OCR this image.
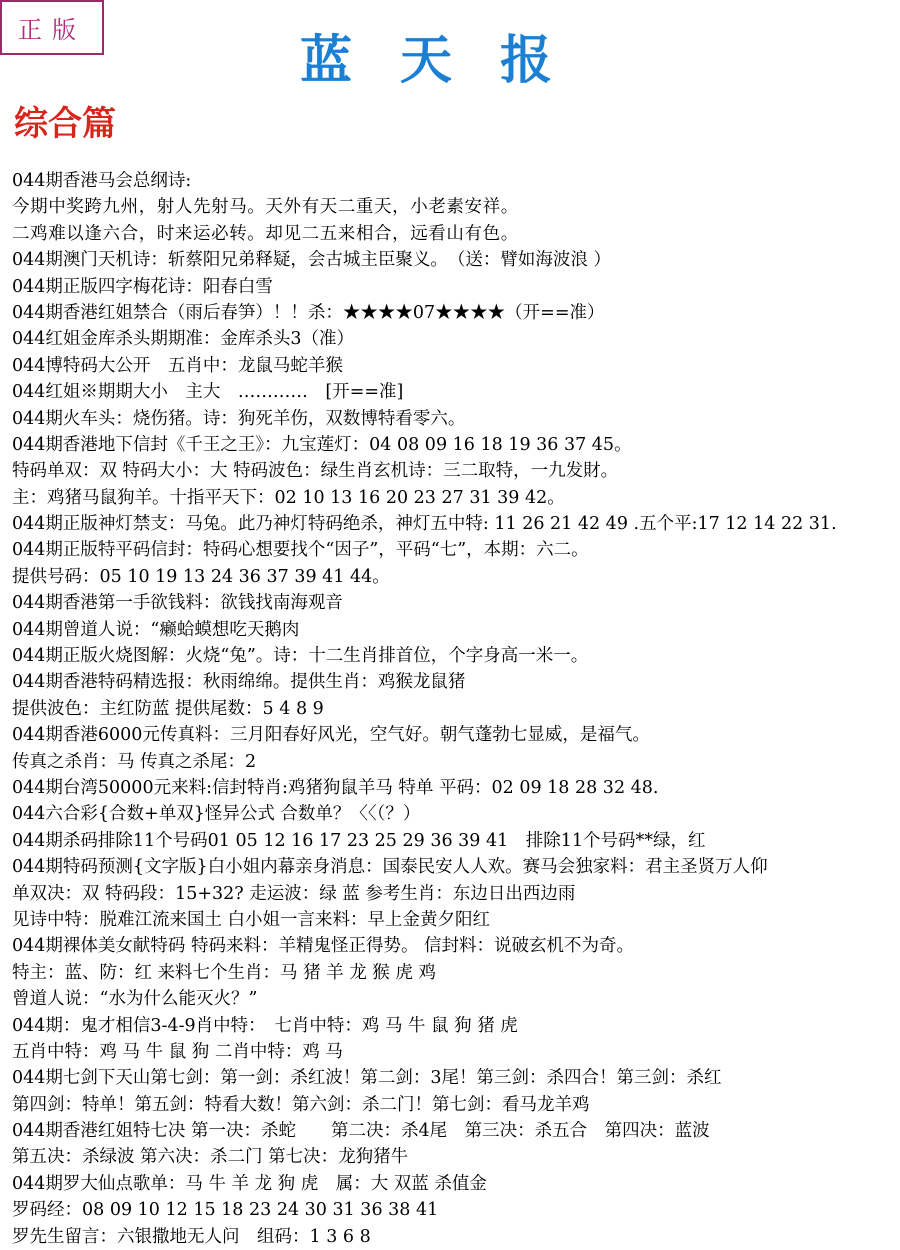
正版	蓝天报
综合篇
044期香港马会总纲诗:
今期中奖跨九州，射人先射马。天外有天二重天，小老素安祥。
二鸡难以逢六合，时来运必转。却见二五来相合，远看山有色。
044期澳门天机诗：斩蔡阳兄弟释疑，会古城主臣聚义。　（送：臂如海波浪 ）
044期正版四字梅花诗：阳春白雪
044期香港红姐禁合（雨后春笋）！！杀：★★★★07★★★★（开==准）
044红姐金库杀头期期准：金库杀头3（准）
044博特码大公开　五肖中：龙鼠马蛇羊猴
044红姐※期期大小　主大　…………　[开==准]
044期火车头：烧伤猪。诗：狗死羊伤，双数博特看零六。
044期香港地下信封《千王之王》：九宝莲灯：04 08 09 16 18 19 36 37 45。
特码单双：双 特码大小：大 特码波色：绿生肖玄机诗：三二取特，一九发財。
主：鸡猪马鼠狗羊。十指平天下：02 10 13 16 20 23 27 31 39 42。
044期正版神灯禁支：马兔。此乃神灯特码绝杀，神灯五中特: 11 26 21 42 49 .五个平:17 12 14 22 31.
044期正版特平码信封：特码心想要找个“因子”，平码“七”，本期：六二。
提供号码：05 10 19 13 24 36 37 39 41 44。
044期香港第一手欲钱料：欲钱找南海观音
044期曾道人说：“癞蛤蟆想吃天鹅肉
044期正版火烧图解：火烧“兔”。诗：十二生肖排首位，个字身高一米一。
044期香港特码精选报：秋雨绵绵。提供生肖：鸡猴龙鼠猪
提供波色：主红防蓝 提供尾数：5 4 8 9
044期香港6000元传真料：三月阳春好风光，空气好。朝气蓬勃七显威，是福气。
传真之杀肖：马 传真之杀尾：2
044期台湾50000元来料:信封特肖:鸡猪狗鼠羊马 特单 平码：02 09 18 28 32 48.
044六合彩{合数+单双}怪异公式 合数单？〈〈（？）
044期杀码排除11个号码01 05 12 16 17 23 25 29 36 39 41　排除11个号码**绿，红
044期特码预测{文字版}白小姐内幕亲身消息：国泰民安人人欢。赛马会独家料：君主圣贤万人仰
单双决：双 特码段：15+32? 走运波：绿 蓝 参考生肖：东边日出西边雨
见诗中特：脱难江流来国土 白小姐一言来料：早上金黄夕阳红
044期裸体美女献特码 特码来料：羊精鬼怪正得势。 信封料：说破玄机不为奇。
特主：蓝、防：红 来料七个生肖：马 猪 羊 龙 猴 虎 鸡
曾道人说：“水为什么能灭火？”
044期：鬼才相信3-4-9肖中特：　七肖中特：鸡 马 牛 鼠 狗 猪 虎
五肖中特：鸡 马 牛 鼠 狗 二肖中特：鸡 马
044期七剑下天山第七剑：第一剑：杀红波！第二剑：3尾！第三剑：杀四合！第三剑：杀红
第四剑：特单！第五剑：特看大数！第六剑：杀二门！第七剑：看马龙羊鸡
044期香港红姐特七决 第一决：杀蛇　　第二决：杀4尾　第三决：杀五合　第四决：蓝波
第五决：杀绿波 第六决：杀二门 第七决：龙狗猪牛
044期罗大仙点歌单：马 牛 羊 龙 狗 虎　属：大 双蓝 杀值金
罗码经：08 09 10 12 15 18 23 24 30 31 36 38 41
罗先生留言：六银撒地无人问　组码：1 3 6 8
